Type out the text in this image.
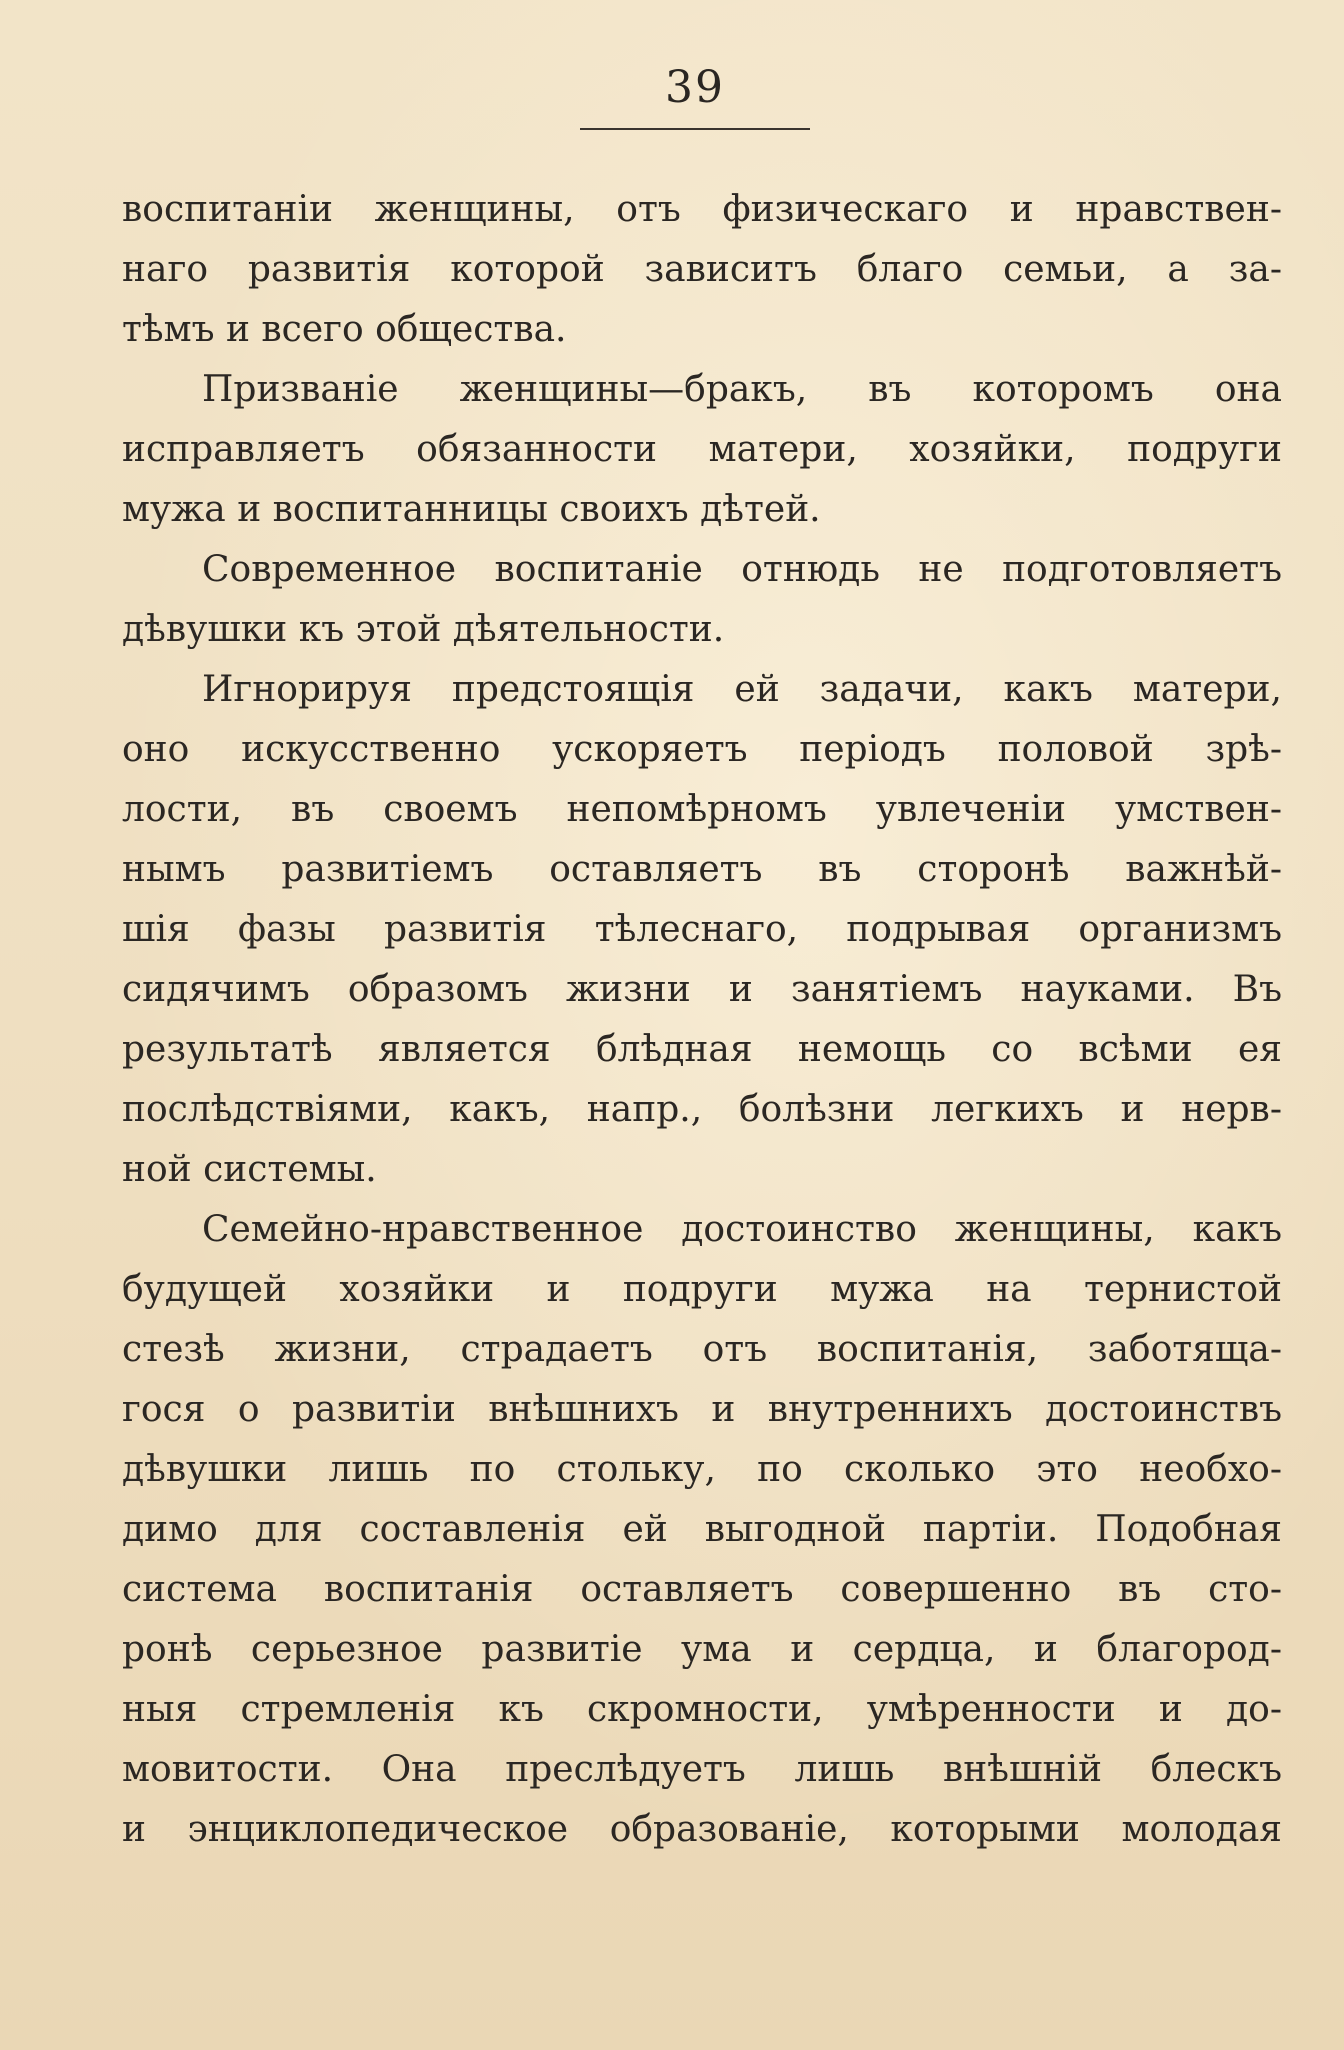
39
воспитаніи женщины, отъ физическаго и нравствен-
наго развитія которой зависитъ благо семьи, а за-
тѣмъ и всего общества.
Призваніе женщины—бракъ, въ которомъ она
исправляетъ обязанности матери, хозяйки, подруги
мужа и воспитанницы своихъ дѣтей.
Современное воспитаніе отнюдь не подготовляетъ
дѣвушки къ этой дѣятельности.
Игнорируя предстоящія ей задачи, какъ матери,
оно искусственно ускоряетъ періодъ половой зрѣ-
лости, въ своемъ непомѣрномъ увлеченіи умствен-
нымъ развитіемъ оставляетъ въ сторонѣ важнѣй-
шія фазы развитія тѣлеснаго, подрывая организмъ
сидячимъ образомъ жизни и занятіемъ науками. Въ
результатѣ является блѣдная немощь со всѣми ея
послѣдствіями, какъ, напр., болѣзни легкихъ и нерв-
ной системы.
Семейно-нравственное достоинство женщины, какъ
будущей хозяйки и подруги мужа на тернистой
стезѣ жизни, страдаетъ отъ воспитанія, заботяща-
гося о развитіи внѣшнихъ и внутреннихъ достоинствъ
дѣвушки лишь по стольку, по сколько это необхо-
димо для составленія ей выгодной партіи. Подобная
система воспитанія оставляетъ совершенно въ сто-
ронѣ серьезное развитіе ума и сердца, и благород-
ныя стремленія къ скромности, умѣренности и до-
мовитости. Она преслѣдуетъ лишь внѣшній блескъ
и энциклопедическое образованіе, которыми молодая
